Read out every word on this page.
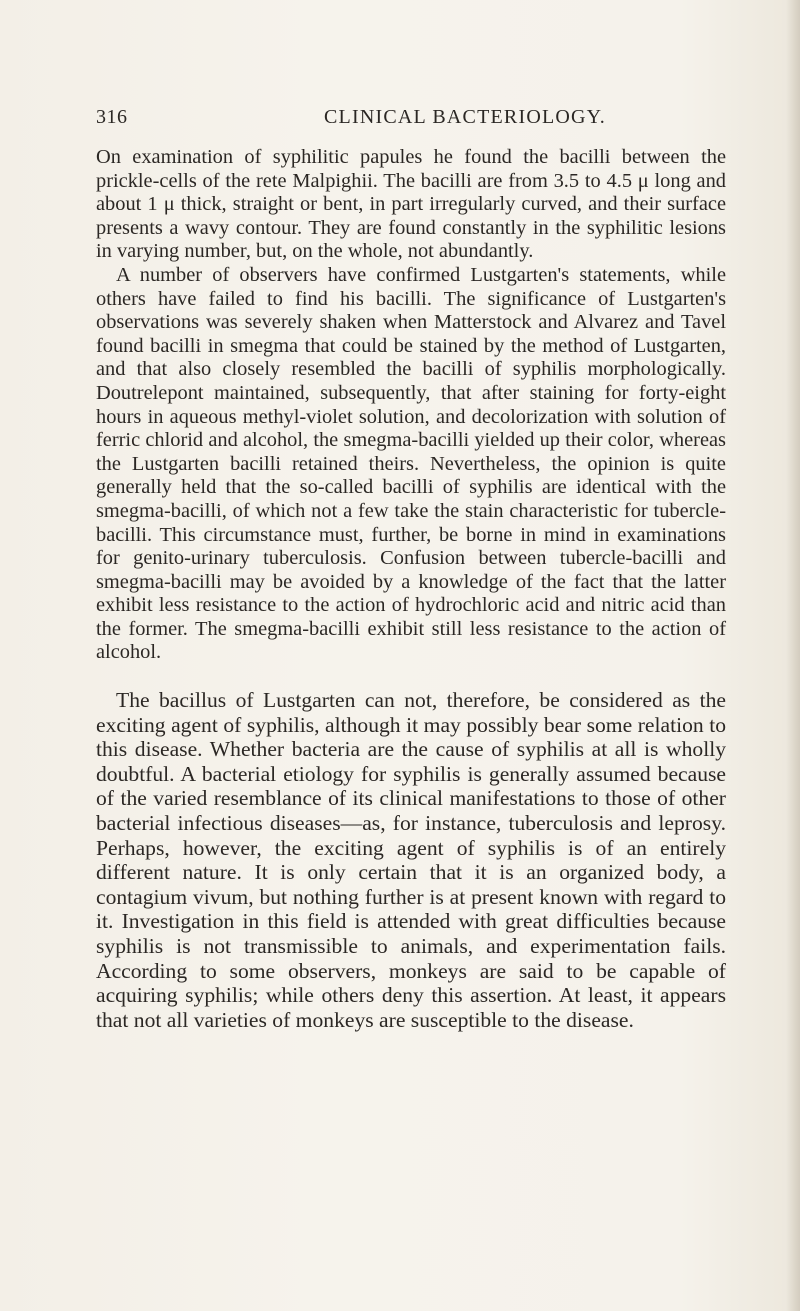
316	CLINICAL BACTERIOLOGY.

On examination of syphilitic papules he found the bacilli between the prickle-cells of the rete Malpighii. The bacilli are from 3.5 to 4.5 μ long and about 1 μ thick, straight or bent, in part irregularly curved, and their surface presents a wavy contour. They are found constantly in the syphilitic lesions in varying number, but, on the whole, not abundantly.

A number of observers have confirmed Lustgarten's statements, while others have failed to find his bacilli. The significance of Lustgarten's observations was severely shaken when Matterstock and Alvarez and Tavel found bacilli in smegma that could be stained by the method of Lustgarten, and that also closely resembled the bacilli of syphilis morphologically. Doutrelepont maintained, subsequently, that after staining for forty-eight hours in aqueous methyl-violet solution, and decolorization with solution of ferric chlorid and alcohol, the smegma-bacilli yielded up their color, whereas the Lustgarten bacilli retained theirs. Nevertheless, the opinion is quite generally held that the so-called bacilli of syphilis are identical with the smegma-bacilli, of which not a few take the stain characteristic for tubercle-bacilli. This circumstance must, further, be borne in mind in examinations for genito-urinary tuberculosis. Confusion between tubercle-bacilli and smegma-bacilli may be avoided by a knowledge of the fact that the latter exhibit less resistance to the action of hydrochloric acid and nitric acid than the former. The smegma-bacilli exhibit still less resistance to the action of alcohol.

The bacillus of Lustgarten can not, therefore, be considered as the exciting agent of syphilis, although it may possibly bear some relation to this disease. Whether bacteria are the cause of syphilis at all is wholly doubtful. A bacterial etiology for syphilis is generally assumed because of the varied resemblance of its clinical manifestations to those of other bacterial infectious diseases—as, for instance, tuberculosis and leprosy. Perhaps, however, the exciting agent of syphilis is of an entirely different nature. It is only certain that it is an organized body, a contagium vivum, but nothing further is at present known with regard to it. Investigation in this field is attended with great difficulties because syphilis is not transmissible to animals, and experimentation fails. According to some observers, monkeys are said to be capable of acquiring syphilis; while others deny this assertion. At least, it appears that not all varieties of monkeys are susceptible to the disease.
